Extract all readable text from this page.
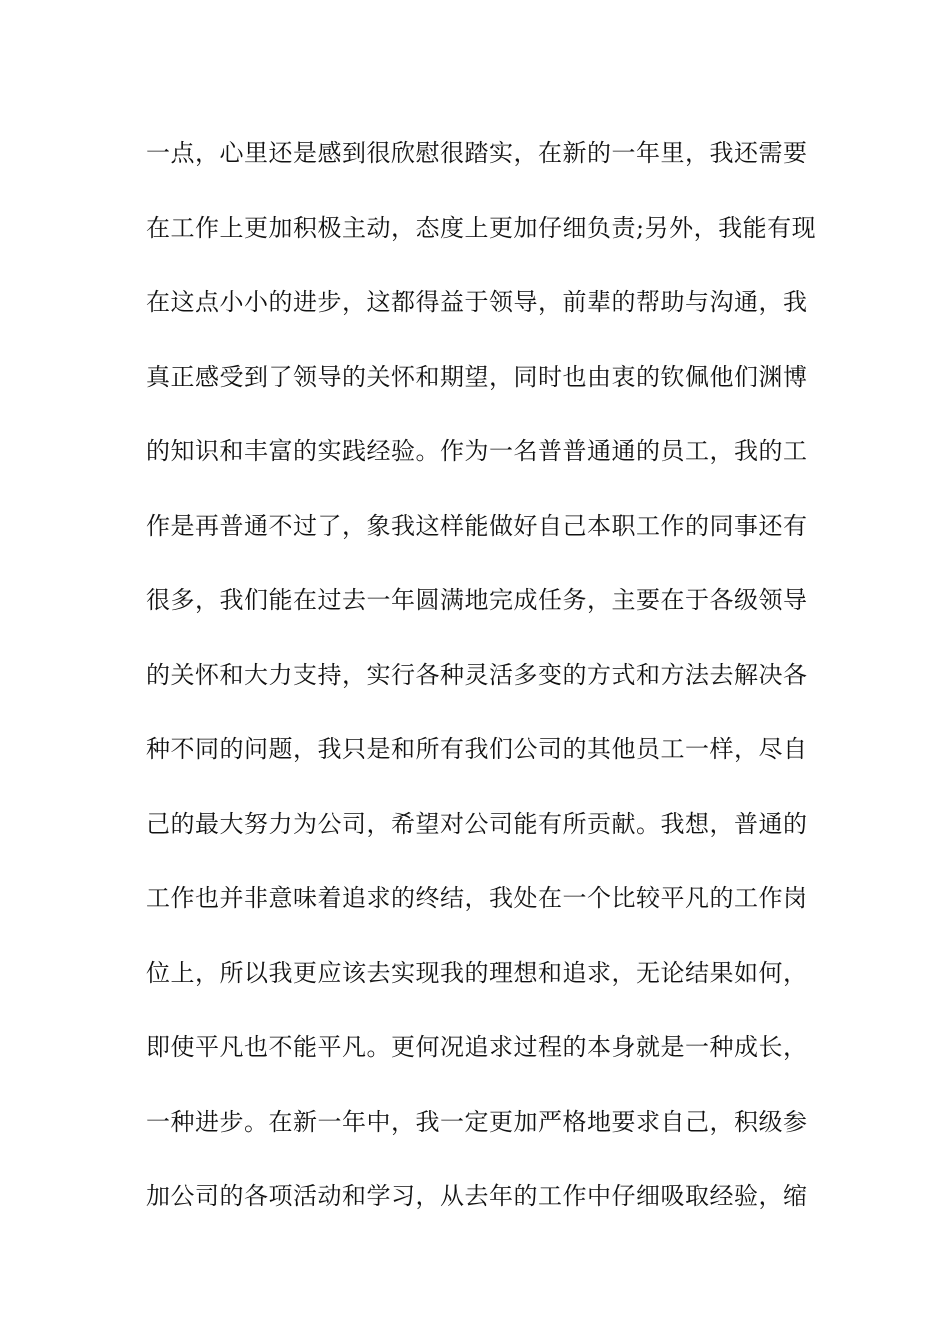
一点，心里还是感到很欣慰很踏实，在新的一年里，我还需要
在工作上更加积极主动，态度上更加仔细负责;另外，我能有现
在这点小小的进步，这都得益于领导，前辈的帮助与沟通，我
真正感受到了领导的关怀和期望，同时也由衷的钦佩他们渊博
的知识和丰富的实践经验。作为一名普普通通的员工，我的工
作是再普通不过了，象我这样能做好自己本职工作的同事还有
很多，我们能在过去一年圆满地完成任务，主要在于各级领导
的关怀和大力支持，实行各种灵活多变的方式和方法去解决各
种不同的问题，我只是和所有我们公司的其他员工一样，尽自
己的最大努力为公司，希望对公司能有所贡献。我想，普通的
工作也并非意味着追求的终结，我处在一个比较平凡的工作岗
位上，所以我更应该去实现我的理想和追求，无论结果如何，
即使平凡也不能平凡。更何况追求过程的本身就是一种成长，
一种进步。在新一年中，我一定更加严格地要求自己，积级参
加公司的各项活动和学习，从去年的工作中仔细吸取经验，缩
